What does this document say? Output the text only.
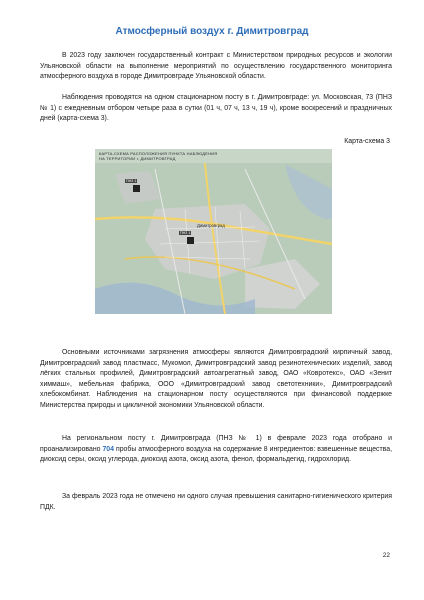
Атмосферный воздух г. Димитровград
В 2023 году заключен государственный контракт с Министерством природных ресурсов и экологии Ульяновской области на выполнение мероприятий по осуществлению государственного мониторинга атмосферного воздуха в городе Димитровграде Ульяновской области.
Наблюдения проводятся на одном стационарном посту в г. Димитровграде: ул. Московская, 73 (ПНЗ № 1) с ежедневным отбором четыре раза в сутки (01 ч, 07 ч, 13 ч, 19 ч), кроме воскресений и праздничных дней (карта-схема 3).
Карта-схема 3
КАРТА-СХЕМА РАСПОЛОЖЕНИЯ ПУНКТА НАБЛЮДЕНИЯ
НА ТЕРРИТОРИИ г. ДИМИТРОВГРАД
Димитровград
ПНЗ 1
ПНЗ 1
Основными источниками загрязнения атмосферы являются Димитровградский кирпичный завод, Димитровградский завод пластмасс, Мукомол, Димитровградский завод резинотехнических изделий, завод лёгких стальных профилей, Димитровградский автоагрегатный завод, ОАО «Ковротекс», ОАО «Зенит химмаш», мебельная фабрика, ООО «Димитровградский завод светотехники», Димитровградский хлебокомбинат. Наблюдения на стационарном посту осуществляются при финансовой поддержке Министерства природы и цикличной экономики Ульяновской области.
На региональном посту г. Димитровграда (ПНЗ № 1) в феврале 2023 года отобрано и проанализировано 704 пробы атмосферного воздуха на содержание 8 ингредиентов: взвешенные вещества, диоксид серы, оксид углерода, диоксид азота, оксид азота, фенол, формальдегид, гидрохлорид.
За февраль 2023 года не отмечено ни одного случая превышения санитарно-гигиенического критерия ПДК.
22
